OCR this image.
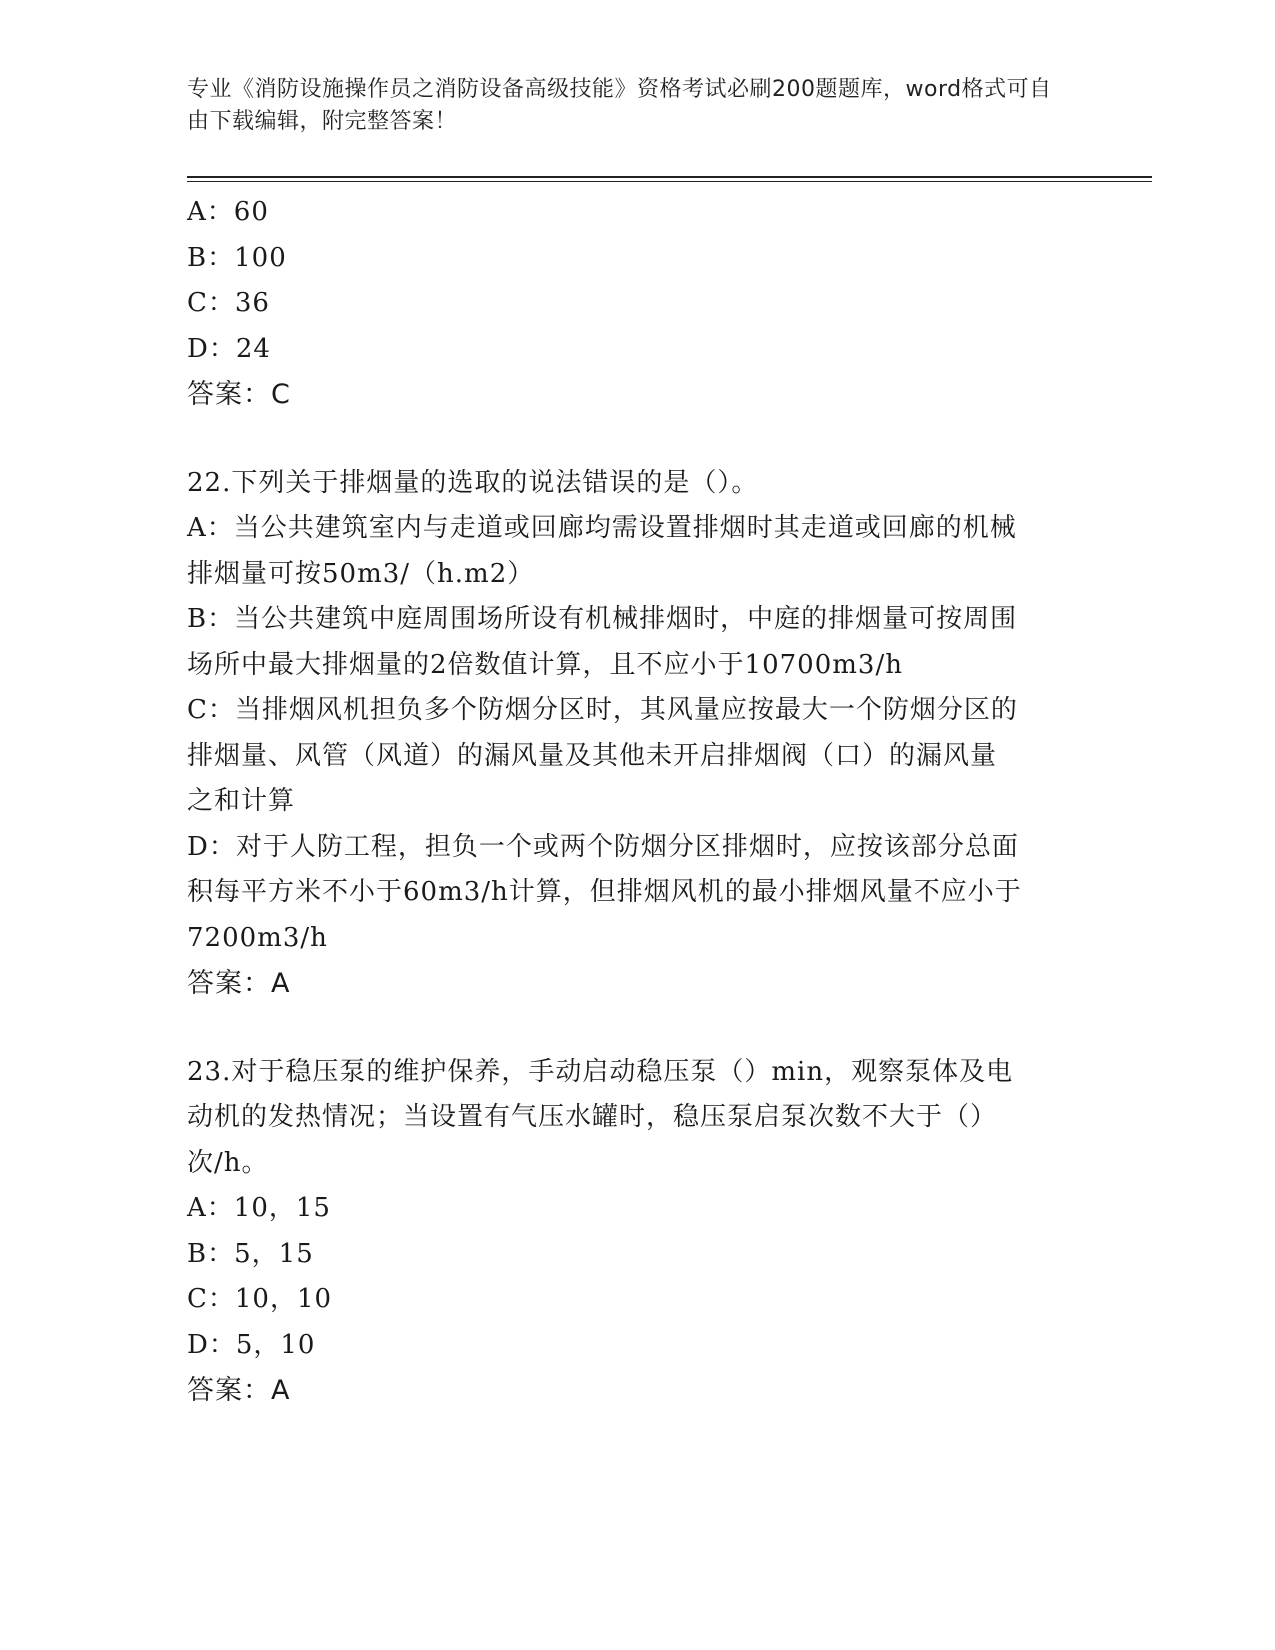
专业《消防设施操作员之消防设备高级技能》资格考试必刷200题题库，word格式可自由下载编辑，附完整答案！
A：60
B：100
C：36
D：24
答案：C
22.下列关于排烟量的选取的说法错误的是（）。
A：当公共建筑室内与走道或回廊均需设置排烟时其走道或回廊的机械
排烟量可按50m3/（h.m2）
B：当公共建筑中庭周围场所设有机械排烟时，中庭的排烟量可按周围
场所中最大排烟量的2倍数值计算，且不应小于10700m3/h
C：当排烟风机担负多个防烟分区时，其风量应按最大一个防烟分区的
排烟量、风管（风道）的漏风量及其他未开启排烟阀（口）的漏风量
之和计算
D：对于人防工程，担负一个或两个防烟分区排烟时，应按该部分总面
积每平方米不小于60m3/h计算，但排烟风机的最小排烟风量不应小于
7200m3/h
答案：A
23.对于稳压泵的维护保养，手动启动稳压泵（）min，观察泵体及电
动机的发热情况；当设置有气压水罐时，稳压泵启泵次数不大于（）
次/h。
A：10，15
B：5，15
C：10，10
D：5，10
答案：A
